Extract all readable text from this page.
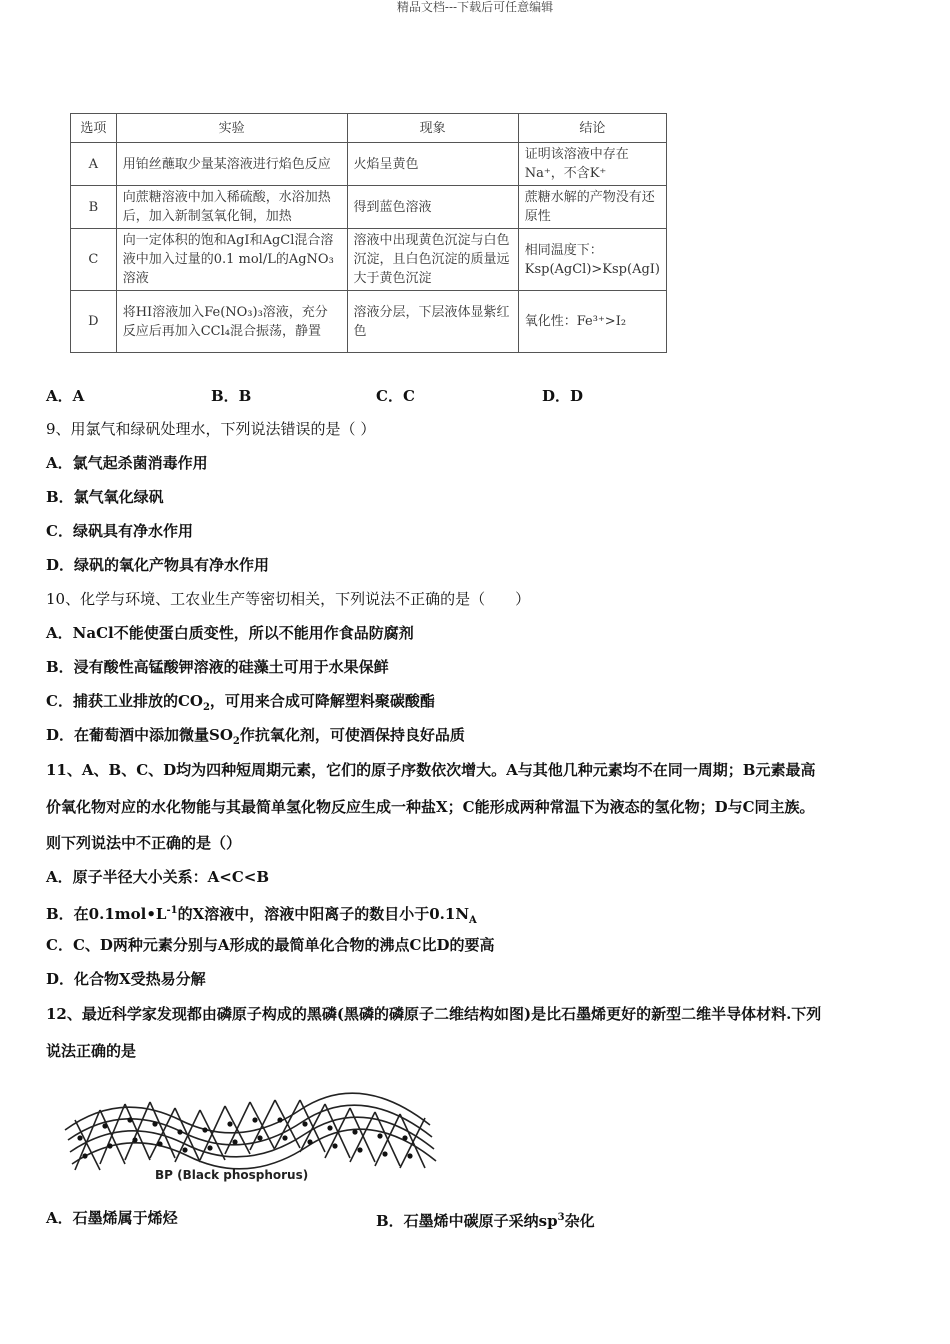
精品文档---下载后可任意编辑
选项	实验	现象	结论
A	用铂丝蘸取少量某溶液进行焰色反应	火焰呈黄色	证明该溶液中存在Na⁺，不含K⁺
B	向蔗糖溶液中加入稀硫酸，水浴加热后，加入新制氢氧化铜，加热	得到蓝色溶液	蔗糖水解的产物没有还原性
C	向一定体积的饱和AgI和AgCl混合溶液中加入过量的0.1 mol/L的AgNO₃溶液	溶液中出现黄色沉淀与白色沉淀，且白色沉淀的质量远大于黄色沉淀	相同温度下：Ksp(AgCl)>Ksp(AgI)
D	将HI溶液加入Fe(NO₃)₃溶液，充分反应后再加入CCl₄混合振荡，静置	溶液分层，下层液体显紫红色	氧化性：Fe³⁺>I₂
A．A	B．B	C．C	D．D
9、用氯气和绿矾处理水，下列说法错误的是（ ）
A．氯气起杀菌消毒作用
B．氯气氧化绿矾
C．绿矾具有净水作用
D．绿矾的氧化产物具有净水作用
10、化学与环境、工农业生产等密切相关，下列说法不正确的是（　　）
A．NaCl不能使蛋白质变性，所以不能用作食品防腐剂
B．浸有酸性高锰酸钾溶液的硅藻土可用于水果保鲜
C．捕获工业排放的$CO_2$，可用来合成可降解塑料聚碳酸酯
D．在葡萄酒中添加微量$SO_2$作抗氧化剂，可使酒保持良好品质
11、A、B、C、D均为四种短周期元素，它们的原子序数依次增大。A与其他几种元素均不在同一周期；B元素最高
价氧化物对应的水化物能与其最简单氢化物反应生成一种盐X；C能形成两种常温下为液态的氢化物；D与C同主族。
则下列说法中不正确的是（）
A．原子半径大小关系：A<C<B
B．在$0.1mol•L^{-1}$的X溶液中，溶液中阳离子的数目小于$0.1N_A$
C．C、D两种元素分别与A形成的最简单化合物的沸点C比D的要高
D．化合物X受热易分解
12、最近科学家发现都由磷原子构成的黑磷(黑磷的磷原子二维结构如图)是比石墨烯更好的新型二维半导体材料.下列
说法正确的是
BP (Black phosphorus)
A．石墨烯属于烯烃	B．石墨烯中碳原子采纳$sp^3$杂化
